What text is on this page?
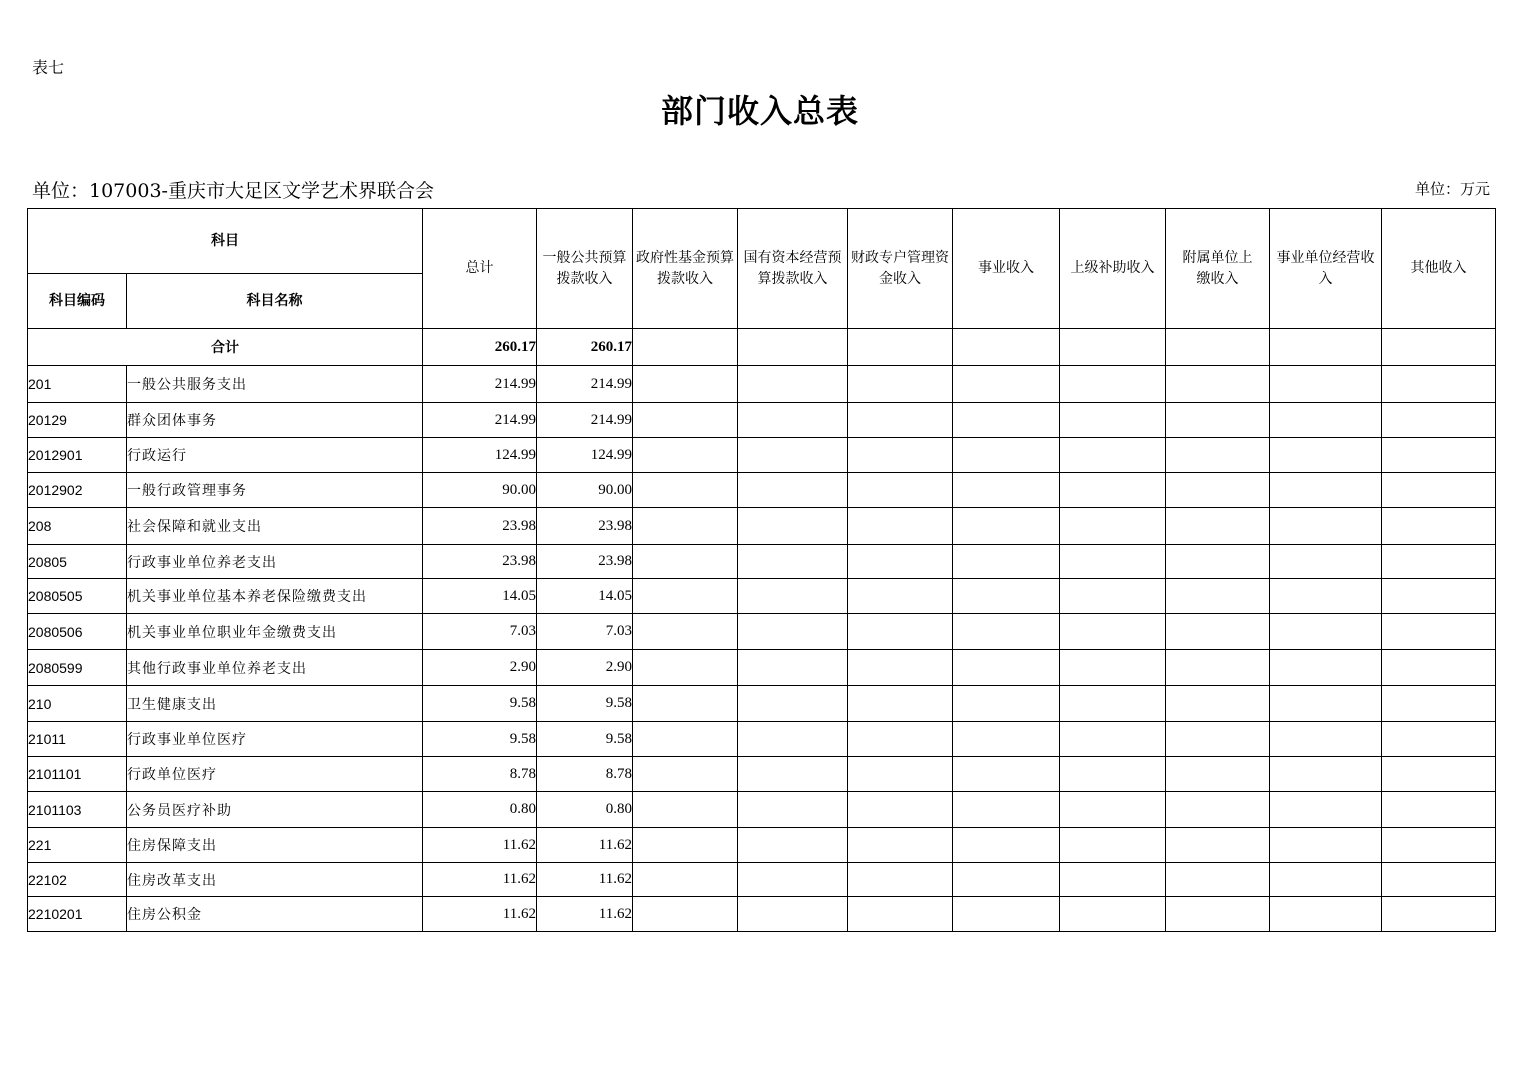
表七
部门收入总表
单位：107003-重庆市大足区文学艺术界联合会	单位：万元
科目		总计	一般公共预算拨款收入	政府性基金预算拨款收入	国有资本经营预算拨款收入	财政专户管理资金收入	事业收入	上级补助收入	附属单位上缴收入	事业单位经营收入	其他收入
科目编码	科目名称										
合计		260.17	260.17								
201	一般公共服务支出	214.99	214.99								
20129	群众团体事务	214.99	214.99								
2012901	行政运行	124.99	124.99								
2012902	一般行政管理事务	90.00	90.00								
208	社会保障和就业支出	23.98	23.98								
20805	行政事业单位养老支出	23.98	23.98								
2080505	机关事业单位基本养老保险缴费支出	14.05	14.05								
2080506	机关事业单位职业年金缴费支出	7.03	7.03								
2080599	其他行政事业单位养老支出	2.90	2.90								
210	卫生健康支出	9.58	9.58								
21011	行政事业单位医疗	9.58	9.58								
2101101	行政单位医疗	8.78	8.78								
2101103	公务员医疗补助	0.80	0.80								
221	住房保障支出	11.62	11.62								
22102	住房改革支出	11.62	11.62								
2210201	住房公积金	11.62	11.62								
